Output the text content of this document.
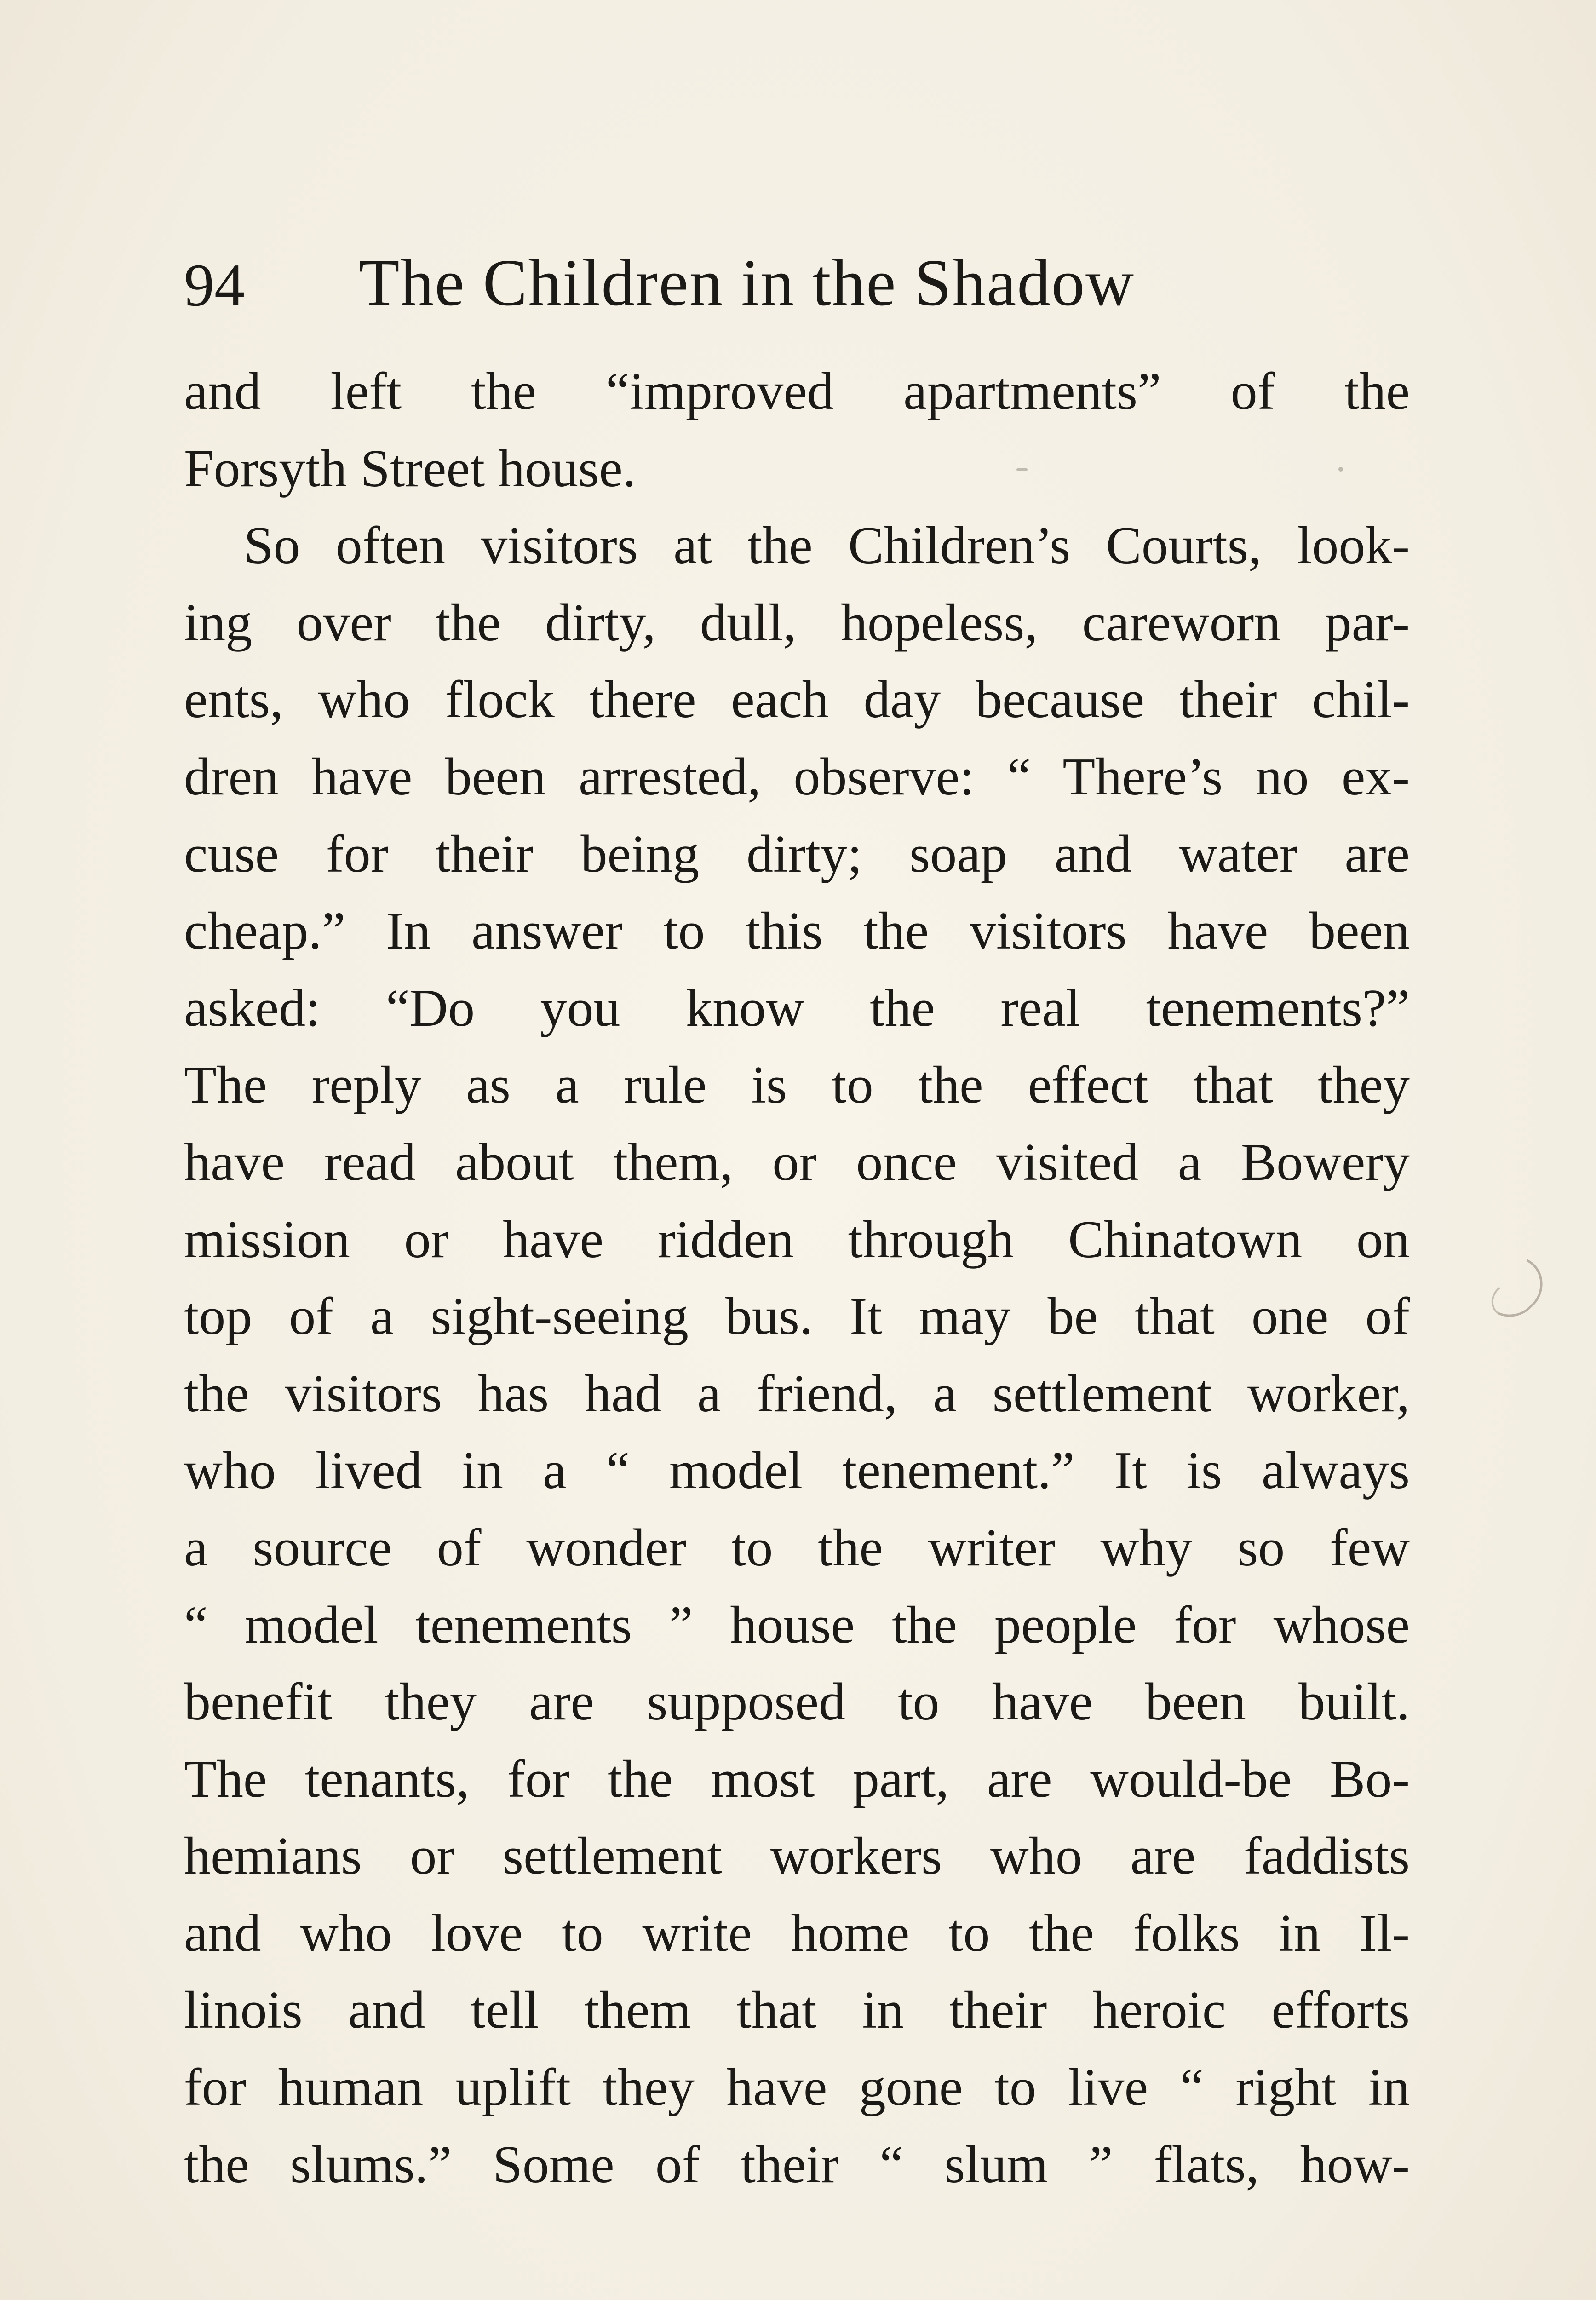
94 The Children in the Shadow
and left the “improved apartments” of the
Forsyth Street house.
So often visitors at the Children’s Courts, look-
ing over the dirty, dull, hopeless, careworn par-
ents, who flock there each day because their chil-
dren have been arrested, observe: “ There’s no ex-
cuse for their being dirty; soap and water are
cheap.” In answer to this the visitors have been
asked: “Do you know the real tenements?”
The reply as a rule is to the effect that they
have read about them, or once visited a Bowery
mission or have ridden through Chinatown on
top of a sight-seeing bus. It may be that one of
the visitors has had a friend, a settlement worker,
who lived in a “ model tenement.” It is always
a source of wonder to the writer why so few
“ model tenements ” house the people for whose
benefit they are supposed to have been built.
The tenants, for the most part, are would-be Bo-
hemians or settlement workers who are faddists
and who love to write home to the folks in Il-
linois and tell them that in their heroic efforts
for human uplift they have gone to live “ right in
the slums.” Some of their “ slum ” flats, how-
